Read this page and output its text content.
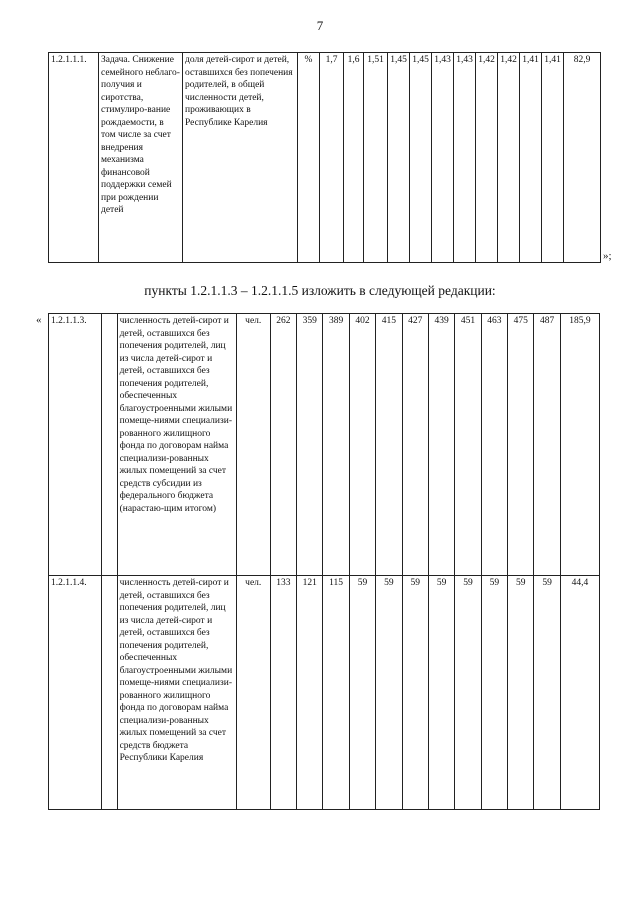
7
1.2.1.1.1.	Задача. Снижение семейного неблаго-получия и сиротства, стимулиро-вание рождаемости, в том числе за счет внедрения механизма финансовой поддержки семей при рождении детей	доля детей-сирот и детей, оставшихся без попечения родителей, в общей численности детей, проживающих в Республике Карелия	%	1,7	1,6	1,51	1,45	1,45	1,43	1,43	1,42	1,42	1,41	1,41	82,9
»;
пункты 1.2.1.1.3 – 1.2.1.1.5 изложить в следующей редакции:
« 1.2.1.1.3.		численность детей-сирот и детей, оставшихся без попечения родителей, лиц из числа детей-сирот и детей, оставшихся без попечения родителей, обеспеченных благоустроенными жилыми помеще-ниями специализи-рованного жилищного фонда по договорам найма специализи-рованных жилых помещений за счет средств субсидии из федерального бюджета (нарастаю-щим итогом)	чел.	262	359	389	402	415	427	439	451	463	475	487	185,9
1.2.1.1.4.		численность детей-сирот и детей, оставшихся без попечения родителей, лиц из числа детей-сирот и детей, оставшихся без попечения родителей, обеспеченных благоустроенными жилыми помеще-ниями специализи-рованного жилищного фонда по договорам найма специализи-рованных жилых помещений за счет средств бюджета Республики Карелия	чел.	133	121	115	59	59	59	59	59	59	59	59	44,4
